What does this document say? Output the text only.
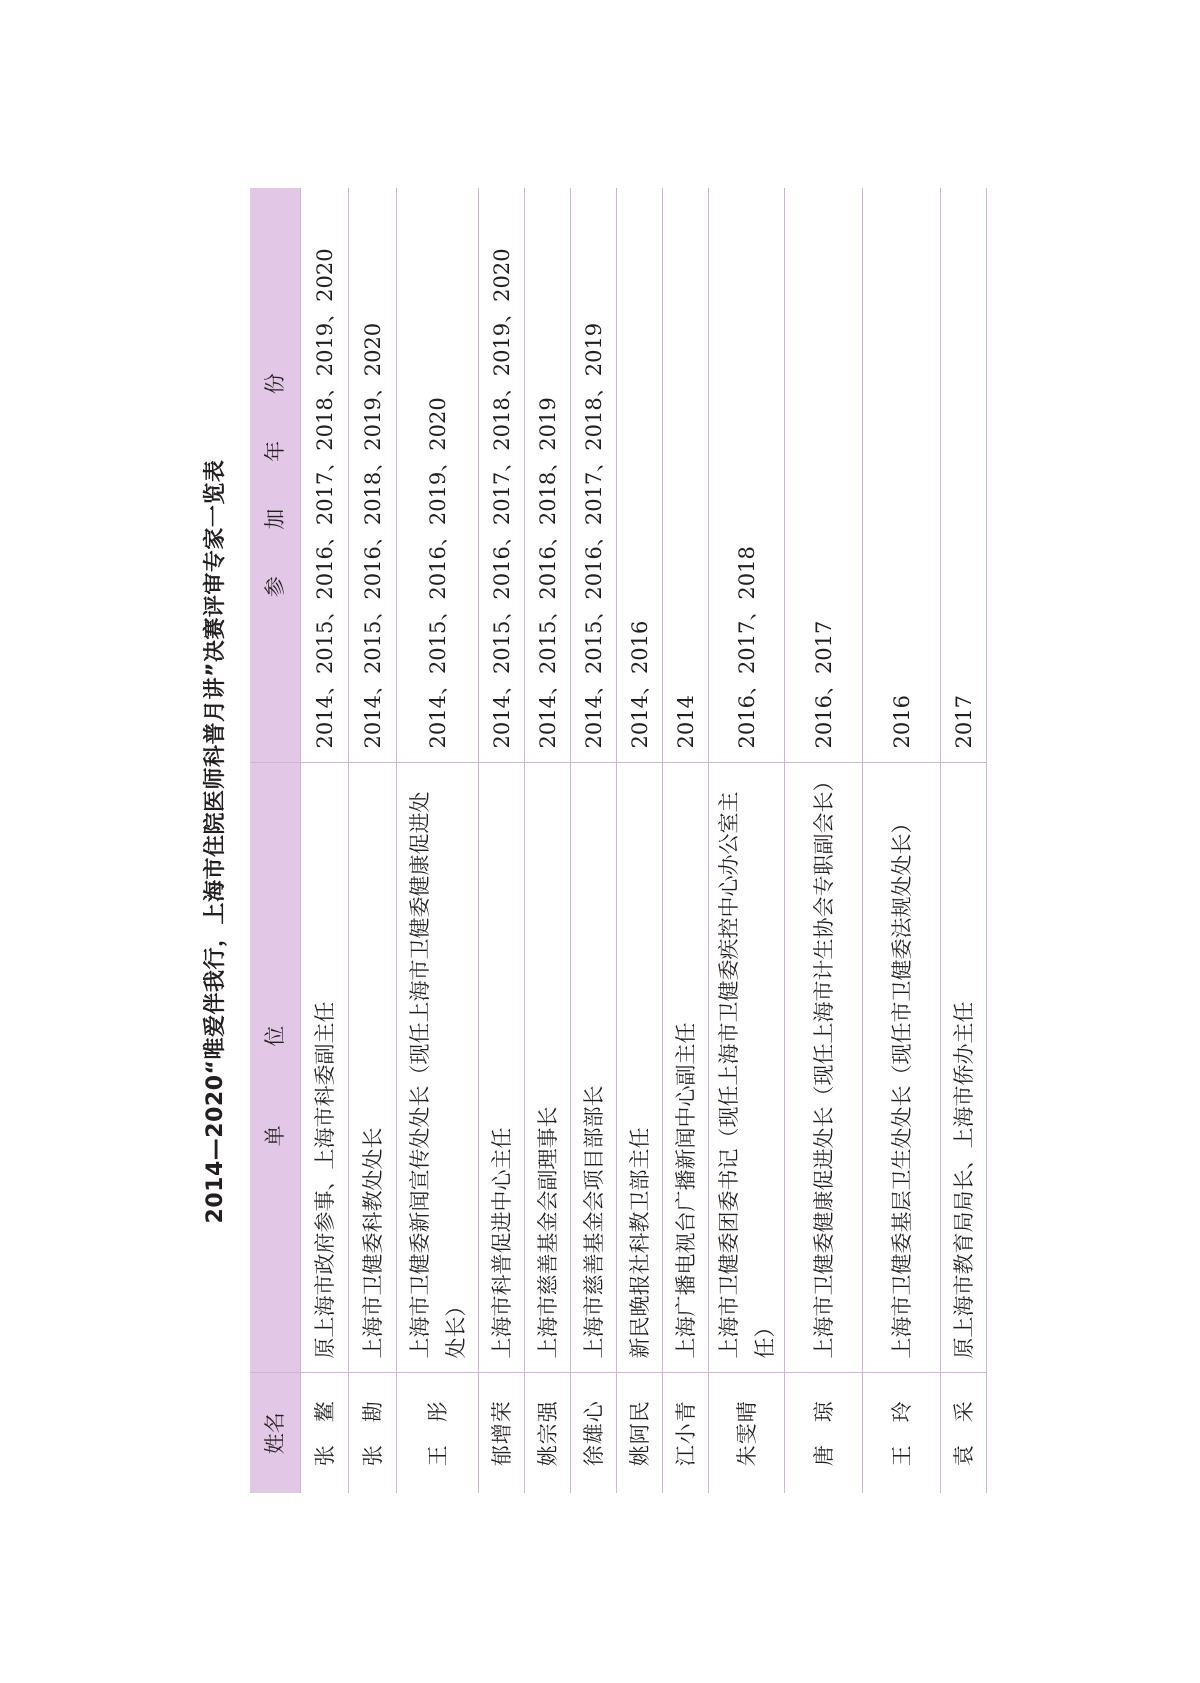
2014—2020“唯爱伴我行，上海市住院医师科普月讲”决赛评审专家一览表
姓名	单 位	参 加 年 份
张　鳌	原上海市政府参事、上海市科委副主任	2014、2015、2016、2017、2018、2019、2020
张　勘	上海市卫健委科教处处长	2014、2015、2016、2018、2019、2020
王　彤	上海市卫健委新闻宣传处处长（现任上海市卫健委健康促进处处长）	2014、2015、2016、2019、2020
郁增荣	上海市科普促进中心主任	2014、2015、2016、2017、2018、2019、2020
姚宗强	上海市慈善基金会副理事长	2014、2015、2016、2018、2019
徐雄心	上海市慈善基金会项目部部长	2014、2015、2016、2017、2018、2019
姚阿民	新民晚报社科教卫部主任	2014、2016
江小青	上海广播电视台广播新闻中心副主任	2014
朱雯晴	上海市卫健委团委书记（现任上海市卫健委疾控中心办公室主任）	2016、2017、2018
唐　琼	上海市卫健委健康促进处长（现任上海市计生协会专职副会长）	2016、2017
王　玲	上海市卫健委基层卫生处处长（现任市卫健委法规处处长）	2016
袁　采	原上海市教育局局长、上海市侨办主任	2017
